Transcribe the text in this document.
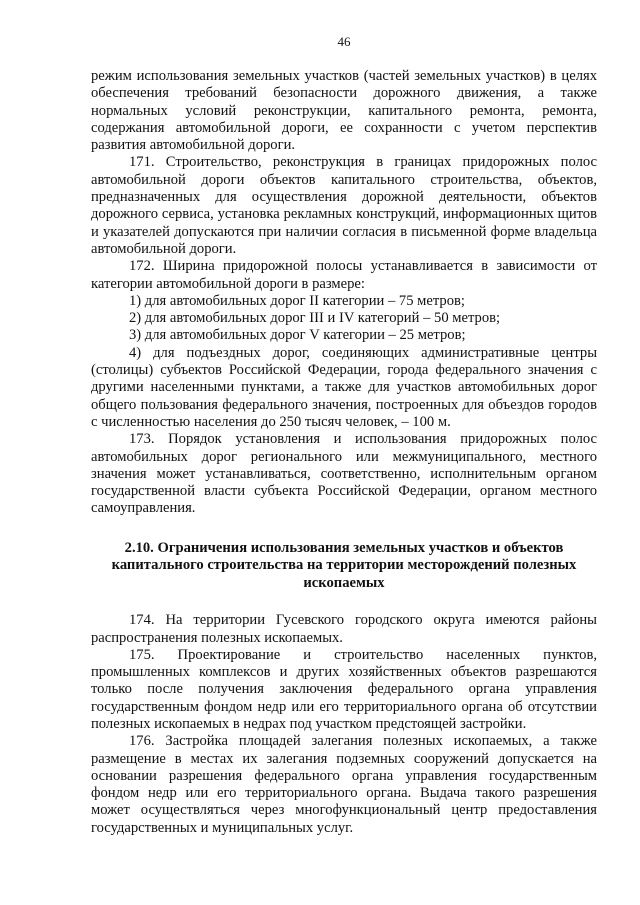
46

режим использования земельных участков (частей земельных участков) в целях обеспечения требований безопасности дорожного движения, а также нормальных условий реконструкции, капитального ремонта, ремонта, содержания автомобильной дороги, ее сохранности с учетом перспектив развития автомобильной дороги.

171. Строительство, реконструкция в границах придорожных полос автомобильной дороги объектов капитального строительства, объектов, предназначенных для осуществления дорожной деятельности, объектов дорожного сервиса, установка рекламных конструкций, информационных щитов и указателей допускаются при наличии согласия в письменной форме владельца автомобильной дороги.

172. Ширина придорожной полосы устанавливается в зависимости от категории автомобильной дороги в размере:

1) для автомобильных дорог II категории – 75 метров;

2) для автомобильных дорог III и IV категорий – 50 метров;

3) для автомобильных дорог V категории – 25 метров;

4) для подъездных дорог, соединяющих административные центры (столицы) субъектов Российской Федерации, города федерального значения с другими населенными пунктами, а также для участков автомобильных дорог общего пользования федерального значения, построенных для объездов городов с численностью населения до 250 тысяч человек, – 100 м.

173. Порядок установления и использования придорожных полос автомобильных дорог регионального или межмуниципального, местного значения может устанавливаться, соответственно, исполнительным органом государственной власти субъекта Российской Федерации, органом местного самоуправления.

2.10. Ограничения использования земельных участков и объектов капитального строительства на территории месторождений полезных ископаемых

174. На территории Гусевского городского округа имеются районы распространения полезных ископаемых.

175. Проектирование и строительство населенных пунктов, промышленных комплексов и других хозяйственных объектов разрешаются только после получения заключения федерального органа управления государственным фондом недр или его территориального органа об отсутствии полезных ископаемых в недрах под участком предстоящей застройки.

176. Застройка площадей залегания полезных ископаемых, а также размещение в местах их залегания подземных сооружений допускается на основании разрешения федерального органа управления государственным фондом недр или его территориального органа. Выдача такого разрешения может осуществляться через многофункциональный центр предоставления государственных и муниципальных услуг.
